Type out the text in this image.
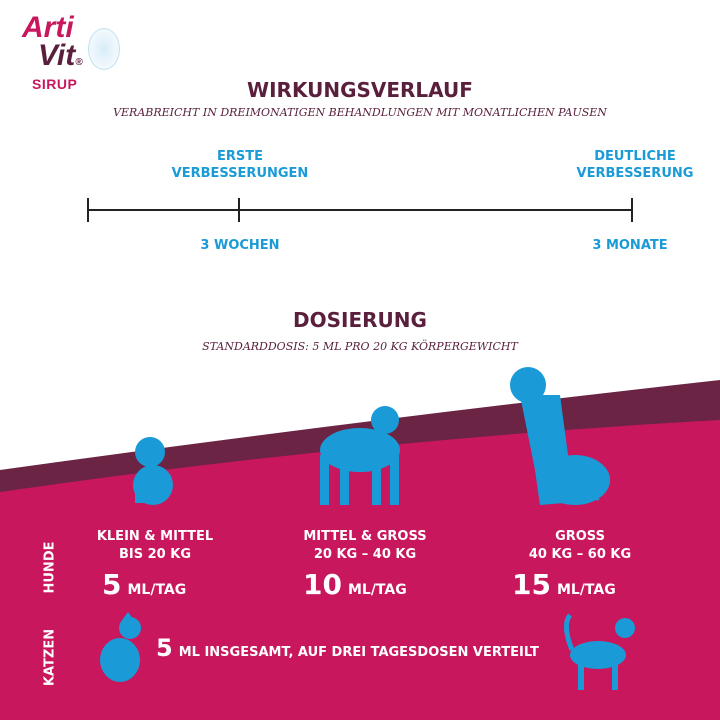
Arti
Vit®
SIRUP	WIRKUNGSVERLAUF
VERABREICHT IN DREIMONATIGEN BEHANDLUNGEN MIT MONATLICHEN PAUSEN
ERSTE VERBESSERUNGEN
DEUTLICHE VERBESSERUNG
3 WOCHEN	3 MONATE
DOSIERUNG
STANDARDDOSIS: 5 ML PRO 20 KG KÖRPERGEWICHT
HUNDE
KATZEN
KLEIN & MITTEL
BIS 20 KG
MITTEL & GROSS
20 KG – 40 KG
GROSS
40 KG – 60 KG
5 ML/TAG	10 ML/TAG	15 ML/TAG
5 ML INSGESAMT, AUF DREI TAGESDOSEN VERTEILT
